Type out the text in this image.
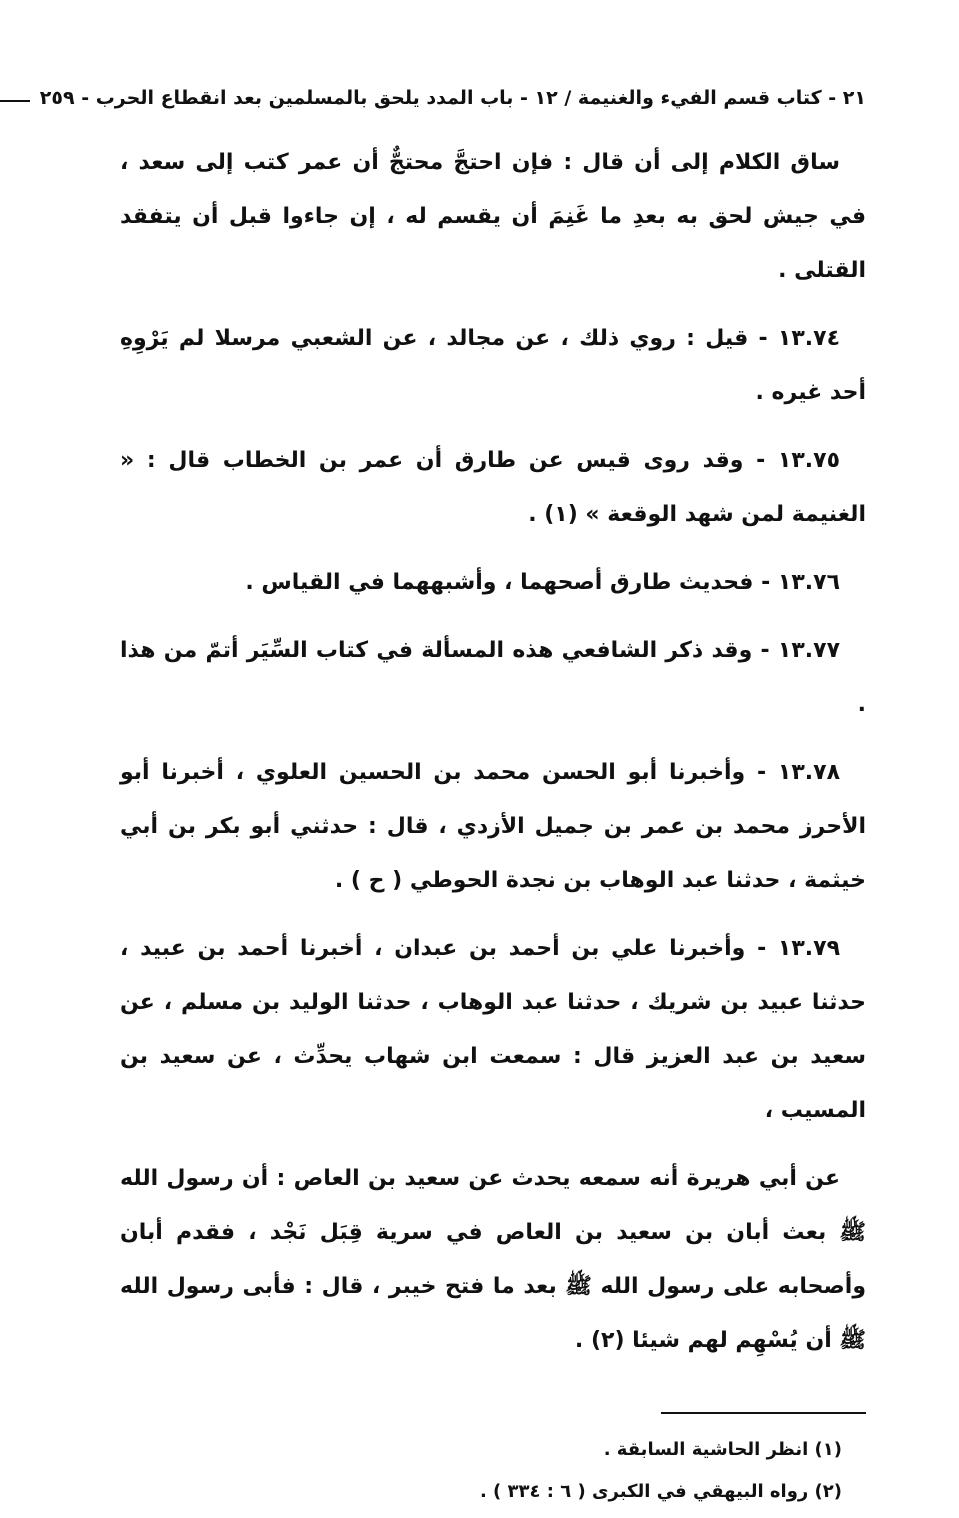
٢١ - كتاب قسم الفيء والغنيمة / ١٢ - باب المدد يلحق بالمسلمين بعد انقطاع الحرب - ٢٥٩

ساق الكلام إلى أن قال : فإن احتجَّ محتجٌّ أن عمر كتب إلى سعد ، في جيش لحق به بعدِ ما غَنِمَ أن يقسم له ، إن جاءوا قبل أن يتفقد القتلى .

١٣.٧٤ - قيل : روي ذلك ، عن مجالد ، عن الشعبي مرسلا لم يَرْوِهِ أحد غيره .

١٣.٧٥ - وقد روى قيس عن طارق أن عمر بن الخطاب قال : « الغنيمة لمن شهد الوقعة » (١) .

١٣.٧٦ - فحديث طارق أصحهما ، وأشبههما في القياس .

١٣.٧٧ - وقد ذكر الشافعي هذه المسألة في كتاب السِّيَر أتمّ من هذا .

١٣.٧٨ - وأخبرنا أبو الحسن محمد بن الحسين العلوي ، أخبرنا أبو الأحرز محمد بن عمر بن جميل الأزدي ، قال : حدثني أبو بكر بن أبي خيثمة ، حدثنا عبد الوهاب بن نجدة الحوطي ( ح ) .

١٣.٧٩ - وأخبرنا علي بن أحمد بن عبدان ، أخبرنا أحمد بن عبيد ، حدثنا عبيد بن شريك ، حدثنا عبد الوهاب ، حدثنا الوليد بن مسلم ، عن سعيد بن عبد العزيز قال : سمعت ابن شهاب يحدِّث ، عن سعيد بن المسيب ،

عن أبي هريرة أنه سمعه يحدث عن سعيد بن العاص : أن رسول الله ﷺ بعث أبان بن سعيد بن العاص في سرية قِبَل نَجْد ، فقدم أبان وأصحابه على رسول الله ﷺ بعد ما فتح خيبر ، قال : فأبى رسول الله ﷺ أن يُسْهِم لهم شيئا (٢) .

(١) انظر الحاشية السابقة .

(٢) رواه البيهقي في الكبرى ( ٦ : ٣٣٤ ) .
